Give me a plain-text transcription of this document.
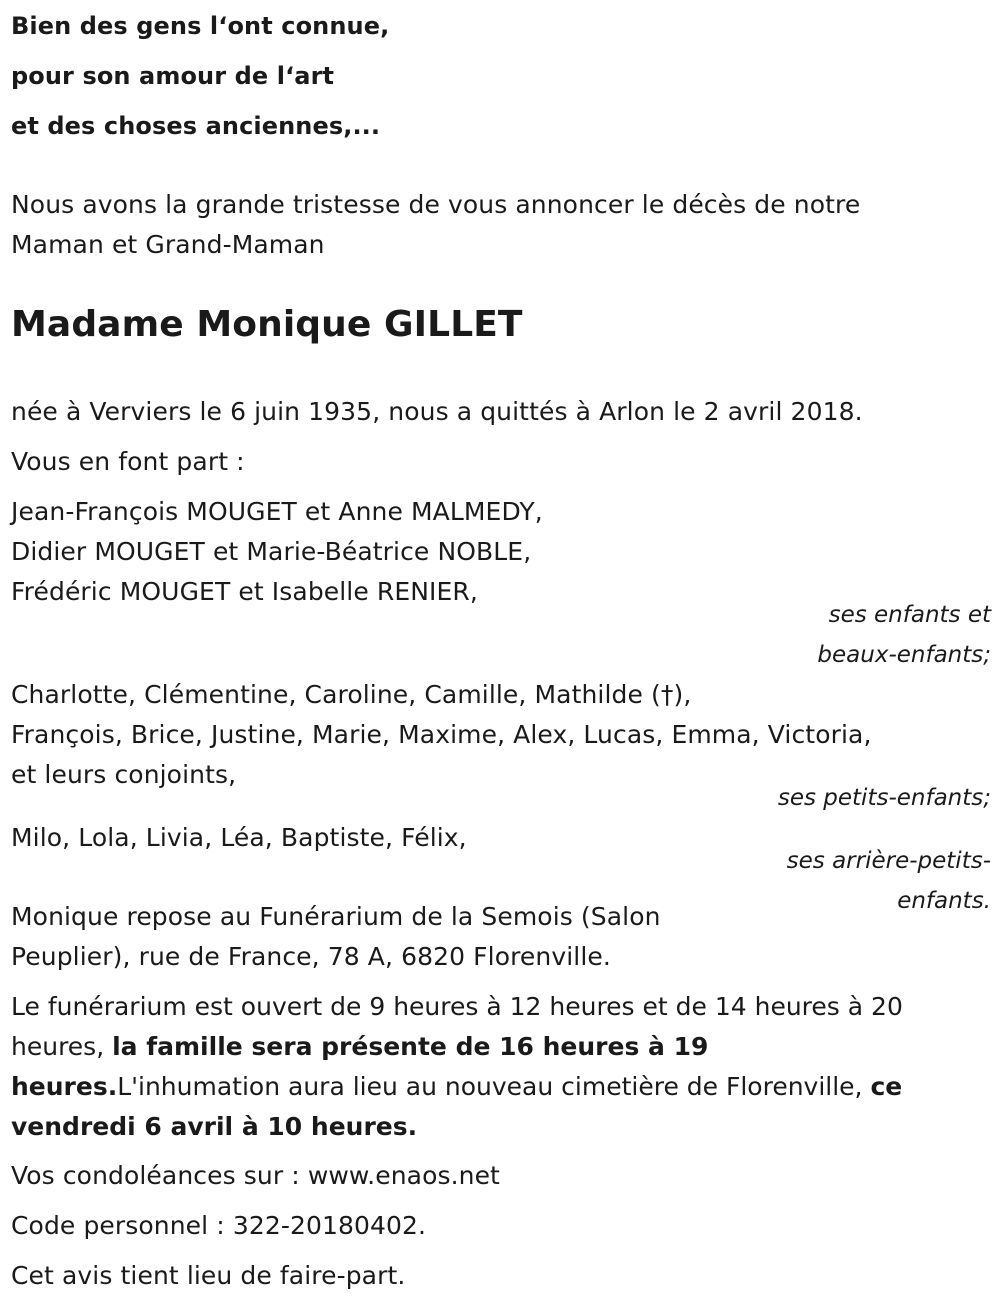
Bien des gens l‘ont connue,
pour son amour de l‘art
et des choses anciennes,...
Nous avons la grande tristesse de vous annoncer le décès de notre
Maman et Grand-Maman
Madame Monique GILLET
née à Verviers le 6 juin 1935, nous a quittés à Arlon le 2 avril 2018.
Vous en font part :
Jean-François MOUGET et Anne MALMEDY,
Didier MOUGET et Marie-Béatrice NOBLE,
Frédéric MOUGET et Isabelle RENIER,
ses enfants et
beaux-enfants;
Charlotte, Clémentine, Caroline, Camille, Mathilde (†),
François, Brice, Justine, Marie, Maxime, Alex, Lucas, Emma, Victoria,
et leurs conjoints,
ses petits-enfants;
Milo, Lola, Livia, Léa, Baptiste, Félix,
ses arrière-petits-
enfants.
Monique repose au Funérarium de la Semois (Salon
Peuplier), rue de France, 78 A, 6820 Florenville.
Le funérarium est ouvert de 9 heures à 12 heures et de 14 heures à 20 heures, la famille sera présente de 16 heures à 19 heures.L'inhumation aura lieu au nouveau cimetière de Florenville, ce vendredi 6 avril à 10 heures.
Vos condoléances sur : www.enaos.net
Code personnel : 322-20180402.
Cet avis tient lieu de faire-part.
